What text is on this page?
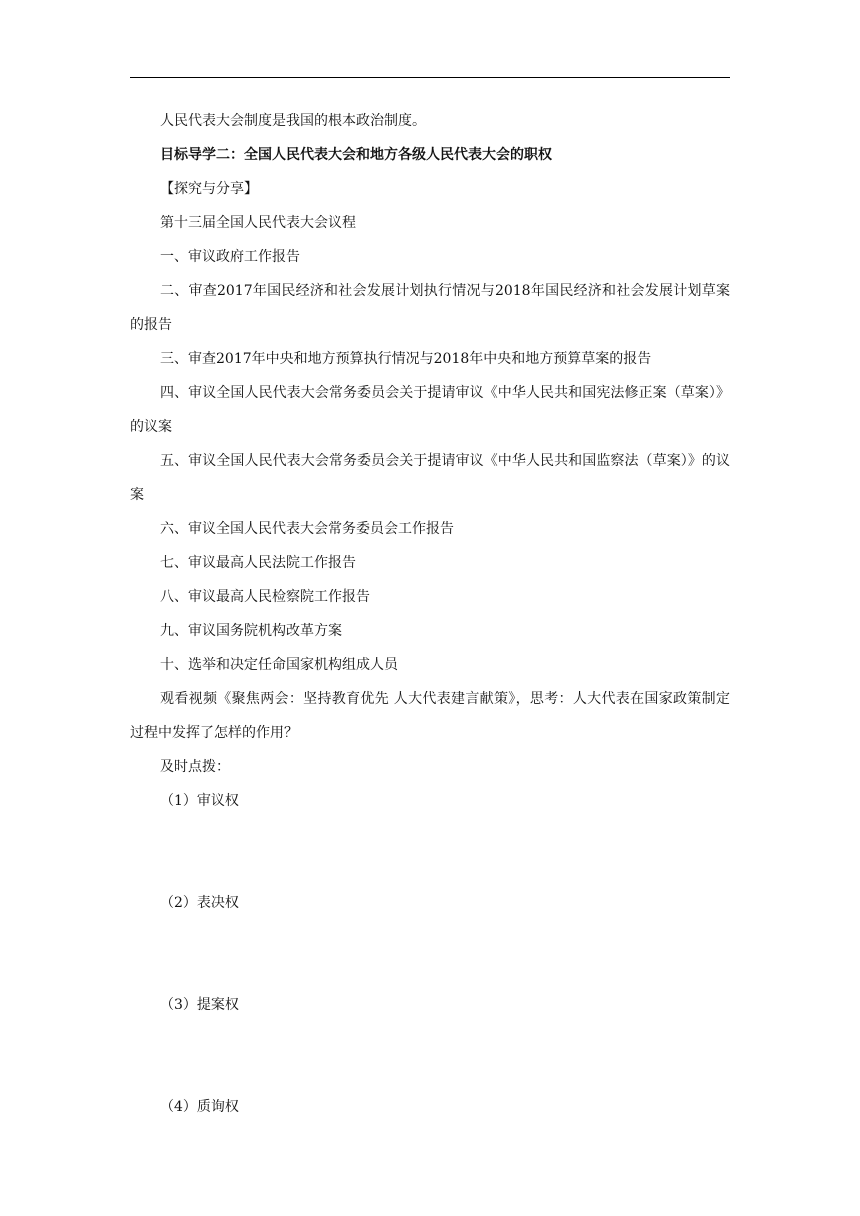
人民代表大会制度是我国的根本政治制度。

目标导学二：全国人民代表大会和地方各级人民代表大会的职权

【探究与分享】

第十三届全国人民代表大会议程

一、审议政府工作报告

二、审查2017年国民经济和社会发展计划执行情况与2018年国民经济和社会发展计划草案的报告

三、审查2017年中央和地方预算执行情况与2018年中央和地方预算草案的报告

四、审议全国人民代表大会常务委员会关于提请审议《中华人民共和国宪法修正案（草案）》的议案

五、审议全国人民代表大会常务委员会关于提请审议《中华人民共和国监察法（草案）》的议案

六、审议全国人民代表大会常务委员会工作报告

七、审议最高人民法院工作报告

八、审议最高人民检察院工作报告

九、审议国务院机构改革方案

十、选举和决定任命国家机构组成人员

观看视频《聚焦两会：坚持教育优先 人大代表建言献策》，思考：人大代表在国家政策制定过程中发挥了怎样的作用？

及时点拨：

（1）审议权

（2）表决权

（3）提案权

（4）质询权
